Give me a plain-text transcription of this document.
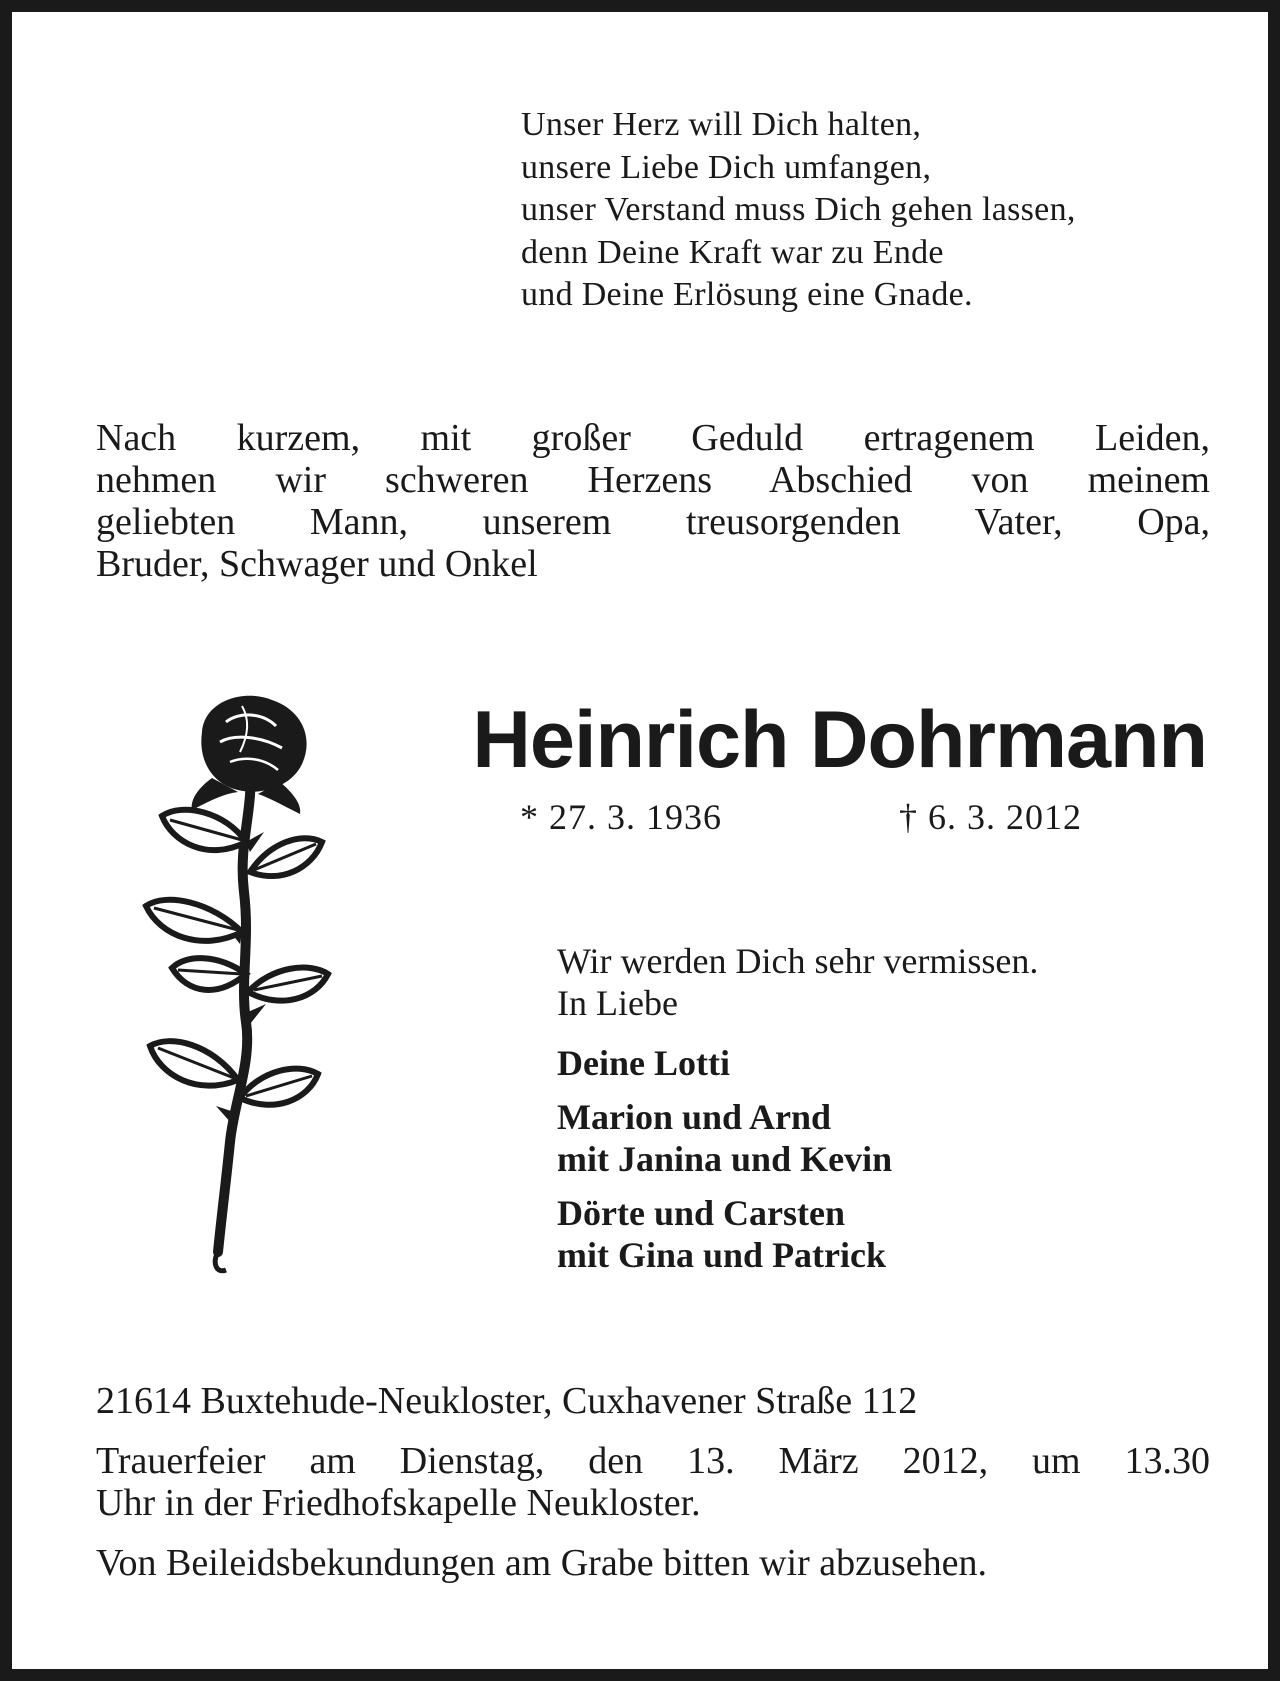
Unser Herz will Dich halten,
unsere Liebe Dich umfangen,
unser Verstand muss Dich gehen lassen,
denn Deine Kraft war zu Ende
und Deine Erlösung eine Gnade.
Nach kurzem, mit großer Geduld ertragenem Leiden,
nehmen wir schweren Herzens Abschied von meinem
geliebten Mann, unserem treusorgenden Vater, Opa,
Bruder, Schwager und Onkel
Heinrich Dohrmann
* 27. 3. 1936	† 6. 3. 2012
Wir werden Dich sehr vermissen.
In Liebe
Deine Lotti
Marion und Arnd
mit Janina und Kevin
Dörte und Carsten
mit Gina und Patrick
21614 Buxtehude-Neukloster, Cuxhavener Straße 112
Trauerfeier am Dienstag, den 13. März 2012, um 13.30
Uhr in der Friedhofskapelle Neukloster.
Von Beileidsbekundungen am Grabe bitten wir abzusehen.
